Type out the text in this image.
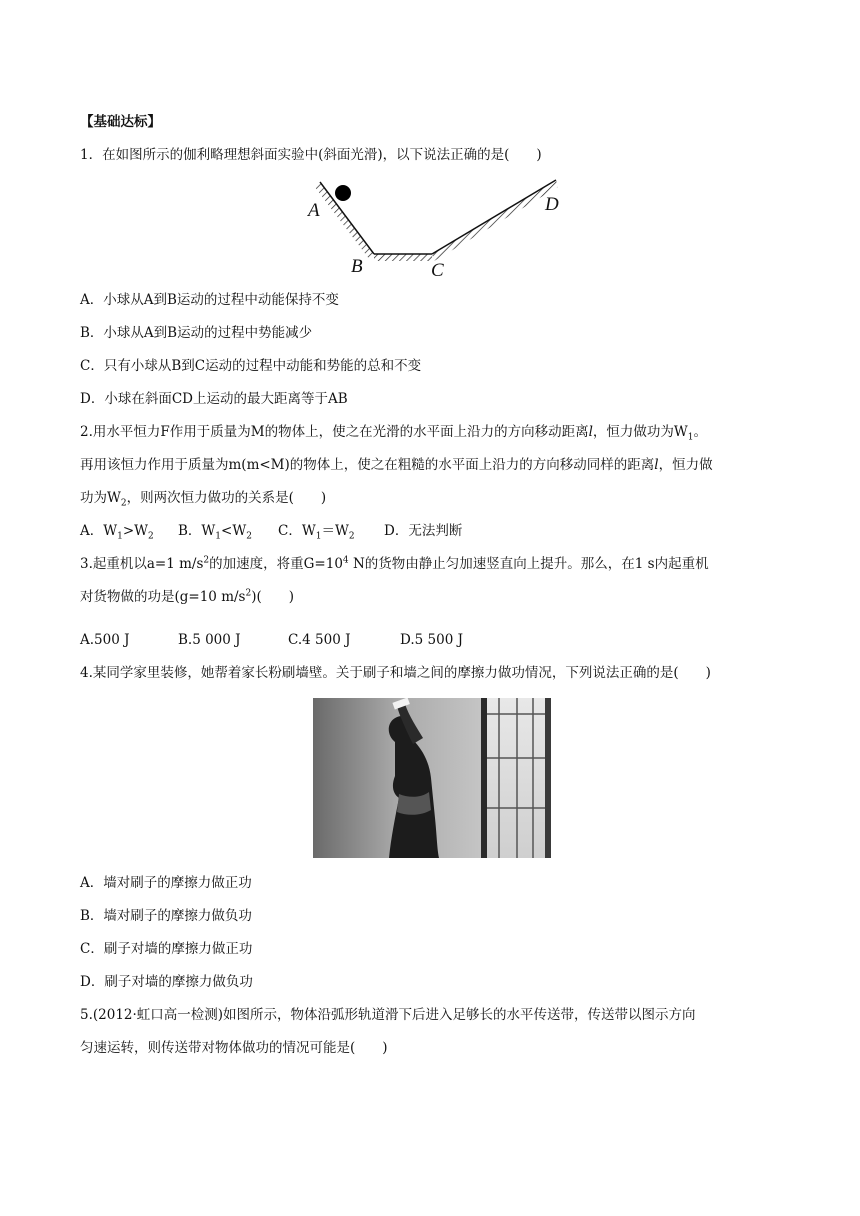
【基础达标】
1．在如图所示的伽利略理想斜面实验中(斜面光滑)，以下说法正确的是(　　)
A
B	C
D
A．小球从A到B运动的过程中动能保持不变
B．小球从A到B运动的过程中势能减少
C．只有小球从B到C运动的过程中动能和势能的总和不变
D．小球在斜面CD上运动的最大距离等于AB
2.用水平恒力F作用于质量为M的物体上，使之在光滑的水平面上沿力的方向移动距离l，恒力做功为$W_1$。
再用该恒力作用于质量为m(m<M)的物体上，使之在粗糙的水平面上沿力的方向移动同样的距离l，恒力做
功为$W_2$，则两次恒力做功的关系是(　　)
A．$W_1>W_2$ B．$W_1<W_2$ C．$W_1=W_2$ D．无法判断
3.起重机以a=1 $m/s^2$的加速度，将重$G=10^4$ N的货物由静止匀加速竖直向上提升。那么，在1 s内起重机
对货物做的功是(g=10 $m/s^2$)(　　)
A.500 J	B.5 000 J	C.4 500 J	D.5 500 J
4.某同学家里装修，她帮着家长粉刷墙壁。关于刷子和墙之间的摩擦力做功情况，下列说法正确的是(　　)
A．墙对刷子的摩擦力做正功
B．墙对刷子的摩擦力做负功
C．刷子对墙的摩擦力做正功
D．刷子对墙的摩擦力做负功
5.(2012·虹口高一检测)如图所示，物体沿弧形轨道滑下后进入足够长的水平传送带，传送带以图示方向
匀速运转，则传送带对物体做功的情况可能是(　　)
